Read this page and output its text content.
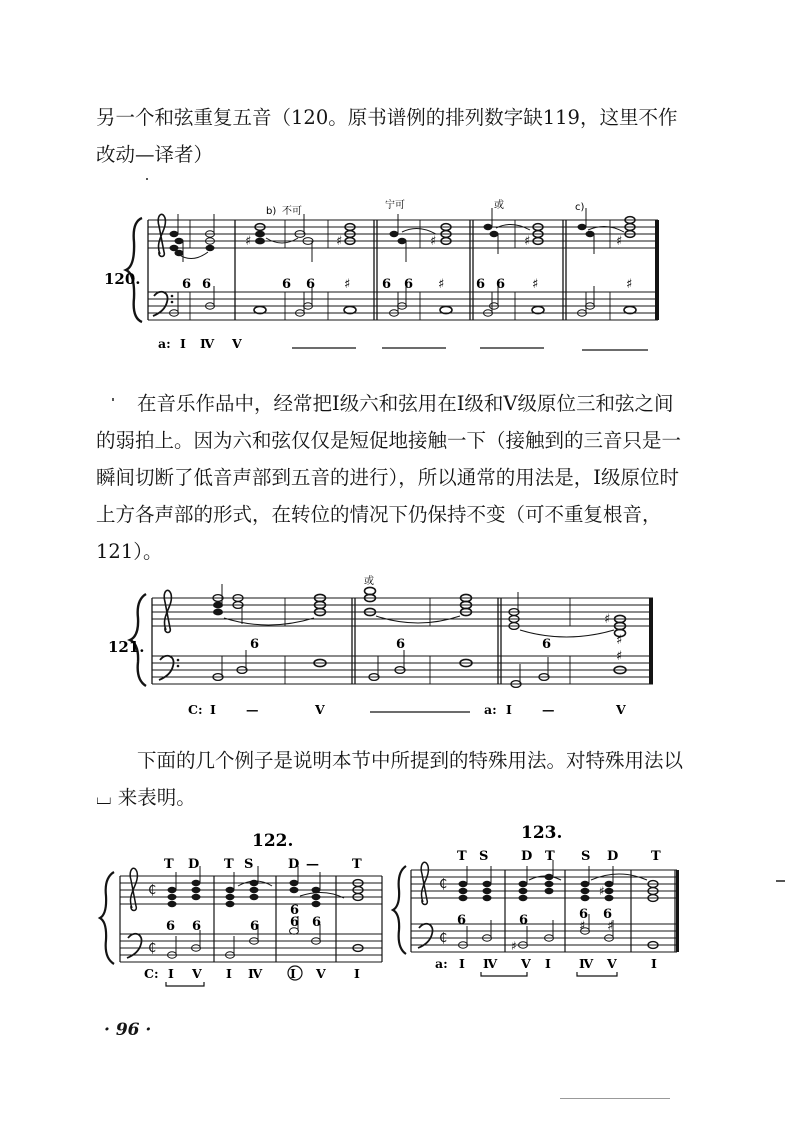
另一个和弦重复五音（120。原书谱例的排列数字缺119，这里不作改动—译者）
♯	♯	♯	♯	♯
b) 不可
宁可	或	c)
6 6	6 6	6 6	6 6
♯	♯	♯	♯
120.
a: Ⅰ Ⅳ Ⅴ
在音乐作品中，经常把Ⅰ级六和弦用在Ⅰ级和Ⅴ级原位三和弦之间的弱拍上。因为六和弦仅仅是短促地接触一下（接触到的三音只是一瞬间切断了低音声部到五音的进行），所以通常的用法是，Ⅰ级原位时上方各声部的形式，在转位的情况下仍保持不变（可不重复根音，121）。
♯
或
6	6	6	♯
♯
121.
C: Ⅰ —	Ⅴ	a: Ⅰ —	Ⅴ
下面的几个例子是说明本节中所提到的特殊用法。对特殊用法以 ⌴ 来表明。
122.
T D T S	D —	T
₵
₵
6	6
6
6 6
6
C: Ⅰ Ⅴ Ⅰ Ⅳ Ⅰ Ⅴ Ⅰ
123.
T S	D T S D	T
₵
₵
♯
♯
6	6	6 6
♯ ♯
a: Ⅰ Ⅳ Ⅴ Ⅰ Ⅳ Ⅴ	Ⅰ
· 96 ·
